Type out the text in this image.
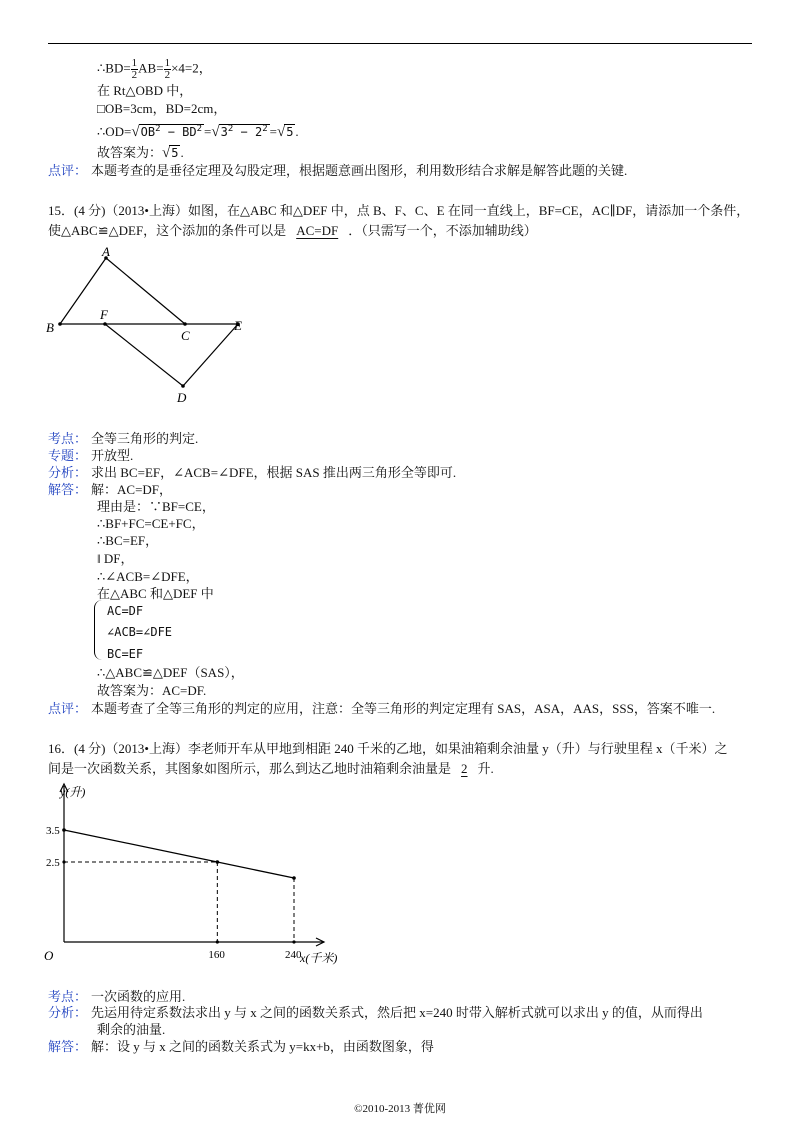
∴BD= $\frac{1}{2} AB= \frac{1}{2} \times 4=2$，
在 Rt△OBD 中，
□OB=3cm，BD=2cm，
$\therefore OD=√OB^2 - BD^2 =√3^2 - 2^2 =√5$ .
故答案为：√5 .
点评： 本题考查的是垂径定理及勾股定理，根据题意画出图形，利用数形结合求解是解答此题的关键.
15．(4 分)（2013•上海）如图，在△ABC 和△DEF 中，点 B、F、C、E 在同一直线上，BF=CE，AC∥DF，请添加一个条件，
使△ABC≌△DEF，这个添加的条件可以是 AC=DF ．（只需写一个，不添加辅助线）
A
B
F
C
E
D
考点： 全等三角形的判定.
专题： 开放型.
分析： 求出 BC=EF，∠ACB=∠DFE，根据 SAS 推出两三角形全等即可.
解答： 解：AC=DF，
理由是：∵BF=CE，
∴BF+FC=CE+FC，
∴BC=EF，
‖ DF，
∴∠ACB=∠DFE，
在△ABC 和△DEF 中
AC=DF
∠ACB=∠DFE
BC=EF
∴△ABC≌△DEF（SAS），
故答案为：AC=DF.
点评： 本题考查了全等三角形的判定的应用，注意：全等三角形的判定定理有 SAS，ASA，AAS，SSS，答案不唯一.
16．(4 分)（2013•上海）李老师开车从甲地到相距 240 千米的乙地，如果油箱剩余油量 y（升）与行驶里程 x（千米）之
间是一次函数关系，其图象如图所示，那么到达乙地时油箱剩余油量是 2 升.
3.5
2.5
160	240
O
y(升)
x(千米)
考点： 一次函数的应用.
分析： 先运用待定系数法求出 y 与 x 之间的函数关系式，然后把 x=240 时带入解析式就可以求出 y 的值，从而得出
剩余的油量.
解答： 解：设 y 与 x 之间的函数关系式为 y=kx+b，由函数图象，得
©2010-2013 菁优网
